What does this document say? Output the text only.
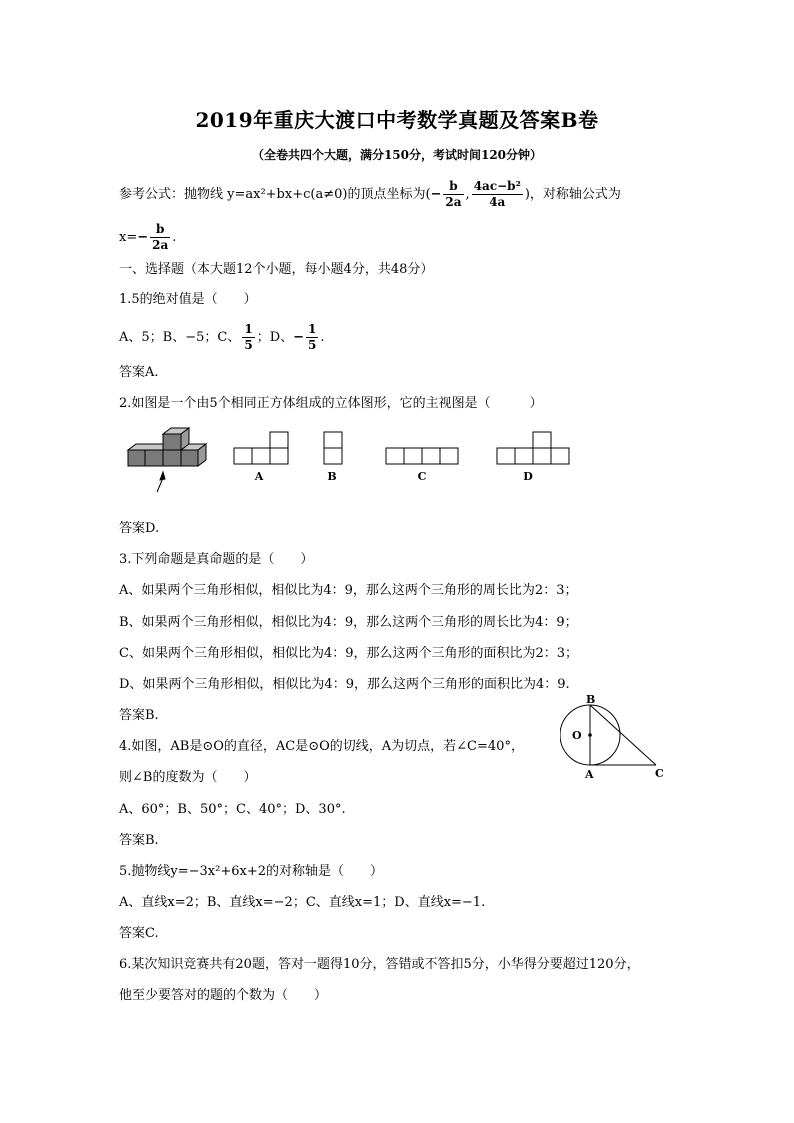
2019年重庆大渡口中考数学真题及答案B卷
（全卷共四个大题，满分150分，考试时间120分钟）
参考公式：抛物线 y=ax²+bx+c(a≠0)的顶点坐标为(− $\frac{b}{2a}$ , $\frac{\text{4ac−b²}}{4a}$ )，对称轴公式为
$x=- \frac{b}{2a}$ .
一、选择题（本大题12个小题，每小题4分，共48分）
1.5的绝对值是（　　）
A、5；B、−5；C、 $\frac{1}{5}$ ；D、− $\frac{1}{5}$ .
答案A.
2.如图是一个由5个相同正方体组成的立体图形，它的主视图是（　　　）
A	B	C	D
答案D.
3.下列命题是真命题的是（　　）
A、如果两个三角形相似，相似比为4：9，那么这两个三角形的周长比为2：3；
B、如果两个三角形相似，相似比为4：9，那么这两个三角形的周长比为4：9；
C、如果两个三角形相似，相似比为4：9，那么这两个三角形的面积比为2：3；
D、如果两个三角形相似，相似比为4：9，那么这两个三角形的面积比为4：9.
答案B.
4.如图，AB是⊙O的直径，AC是⊙O的切线，A为切点，若∠C=40°，
则∠B的度数为（　　）
B
O
A	C
A、60°；B、50°；C、40°；D、30°.
答案B.
5.抛物线y=−3x²+6x+2的对称轴是（　　）
A、直线x=2；B、直线x=−2；C、直线x=1；D、直线x=−1.
答案C.
6.某次知识竞赛共有20题，答对一题得10分，答错或不答扣5分，小华得分要超过120分，
他至少要答对的题的个数为（　　）
